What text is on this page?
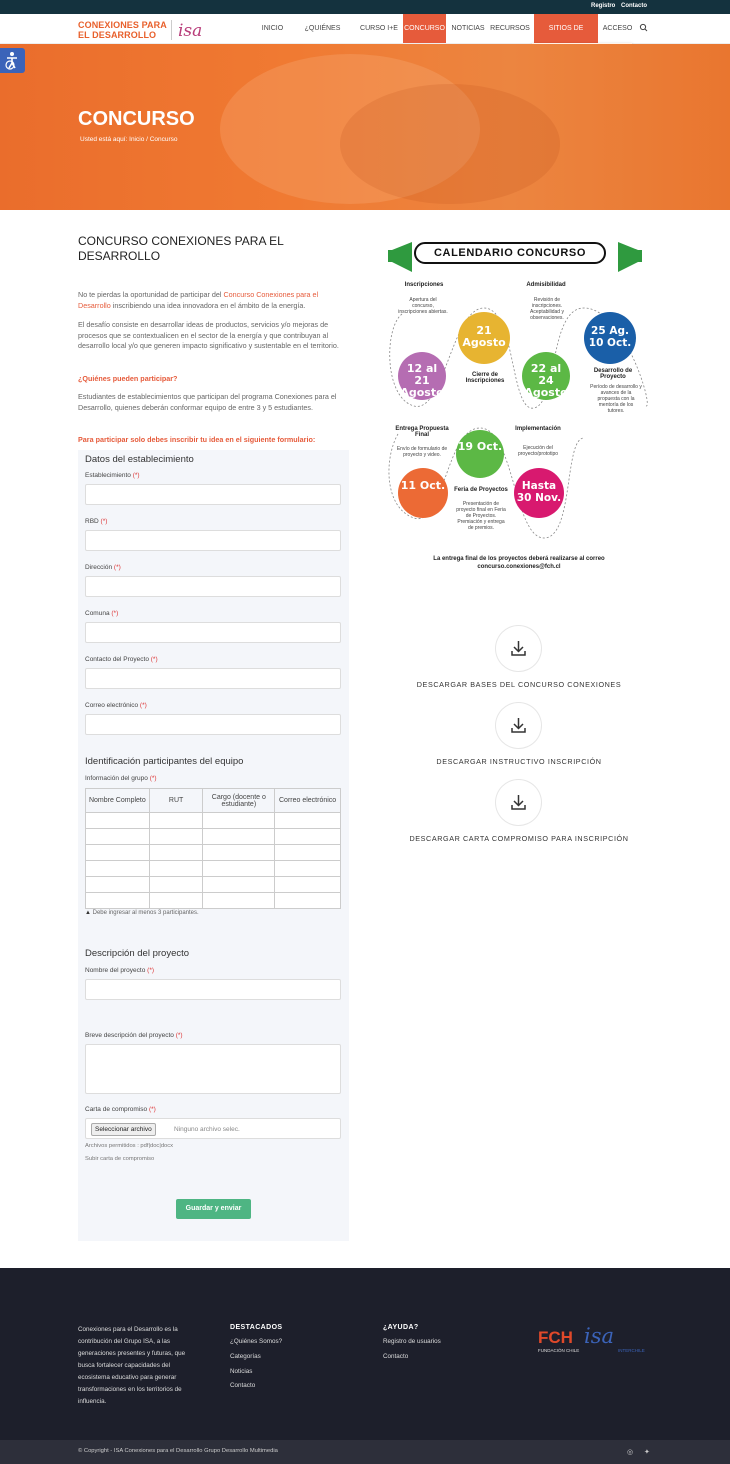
Registro Contacto
CONEXIONES PARA
EL DESARROLLO isa	INICIO	¿QUIÉNES	CURSO I+E CONCURSO NOTICIAS RECURSOS	SITIOS DE	ACCESO
CONCURSO
Usted está aquí: Inicio / Concurso
CONCURSO CONEXIONES PARA EL DESARROLLO
No te pierdas la oportunidad de participar del Concurso Conexiones para el Desarrollo inscribiendo una idea innovadora en el ámbito de la energía.
El desafío consiste en desarrollar ideas de productos, servicios y/o mejoras de procesos que se contextualicen en el sector de la energía y que contribuyan al desarrollo local y/o que generen impacto significativo y sustentable en el territorio.
¿Quiénes pueden participar?
Estudiantes de establecimientos que participan del programa Conexiones para el Desarrollo, quienes deberán conformar equipo de entre 3 y 5 estudiantes.
Para participar solo debes inscribir tu idea en el siguiente formulario:
Datos del establecimiento
Establecimiento (*)
RBD (*)
Dirección (*)
Comuna (*)
Contacto del Proyecto (*)
Correo electrónico (*)
Identificación participantes del equipo
Información del grupo (*)
Nombre Completo	RUT	Cargo (docente o estudiante)	Correo electrónico

▲ Debe ingresar al menos 3 participantes.
Descripción del proyecto
Nombre del proyecto (*)
Breve descripción del proyecto (*)
Carta de compromiso (*)
Seleccionar archivo	Ninguno archivo selec.
Archivos permitidos : pdf|doc|docx
Subir carta de compromiso
Guardar y enviar
CALENDARIO CONCURSO
Inscripciones
Apertura del concurso, inscripciones abiertas.
12 al 21 Agosto
21 Agosto
Cierre de Inscripciones
Admisibilidad
Revisión de inscripciones. Aceptabilidad y observaciones.
22 al 24 Agosto
25 Ag. 10 Oct.
Desarrollo de Proyecto
Período de desarrollo y avances de la propuesta con la mentoría de los tutores.
Entrega Propuesta Final
Envío de formulario de proyecto y video.
19 Oct.
11 Oct.	Feria de Proyectos
Presentación de proyecto final en Feria de Proyectos. Premiación y entrega de premios.
Implementación
Ejecución del proyecto/prototipo
Hasta 30 Nov.
La entrega final de los proyectos deberá realizarse al correo
concurso.conexiones@fch.cl
DESCARGAR BASES DEL CONCURSO CONEXIONES
DESCARGAR INSTRUCTIVO INSCRIPCIÓN
DESCARGAR CARTA COMPROMISO PARA INSCRIPCIÓN
Conexiones para el Desarrollo es la contribución del Grupo ISA, a las generaciones presentes y futuras, que busca fortalecer capacidades del ecosistema educativo para generar transformaciones en los territorios de influencia.
DESTACADOS
¿Quiénes Somos?
Categorías
Noticias
Contacto
¿AYUDA?
Registro de usuarios
Contacto
FCH
FUNDACIÓN CHILE
isa
INTERCHILE
© Copyright - ISA Conexiones para el Desarrollo Grupo Desarrollo Multimedia	◎ ✦
